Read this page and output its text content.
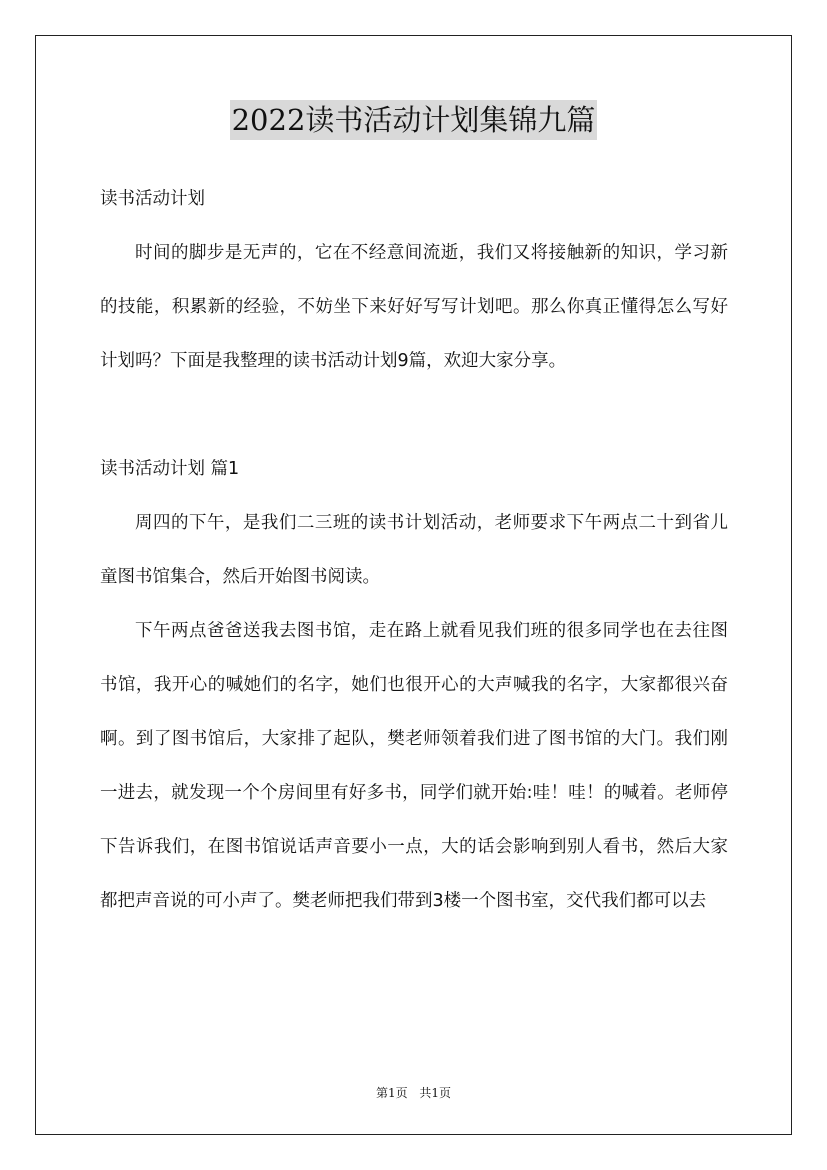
2022读书活动计划集锦九篇

读书活动计划

时间的脚步是无声的，它在不经意间流逝，我们又将接触新的知识，学习新的技能，积累新的经验，不妨坐下来好好写写计划吧。那么你真正懂得怎么写好计划吗？下面是我整理的读书活动计划9篇，欢迎大家分享。

读书活动计划 篇1

周四的下午，是我们二三班的读书计划活动，老师要求下午两点二十到省儿童图书馆集合，然后开始图书阅读。

下午两点爸爸送我去图书馆，走在路上就看见我们班的很多同学也在去往图书馆，我开心的喊她们的名字，她们也很开心的大声喊我的名字，大家都很兴奋啊。到了图书馆后，大家排了起队，樊老师领着我们进了图书馆的大门。我们刚一进去，就发现一个个房间里有好多书，同学们就开始:哇！哇！的喊着。老师停下告诉我们，在图书馆说话声音要小一点，大的话会影响到别人看书，然后大家都把声音说的可小声了。樊老师把我们带到3楼一个图书室，交代我们都可以去

第1页 共1页
